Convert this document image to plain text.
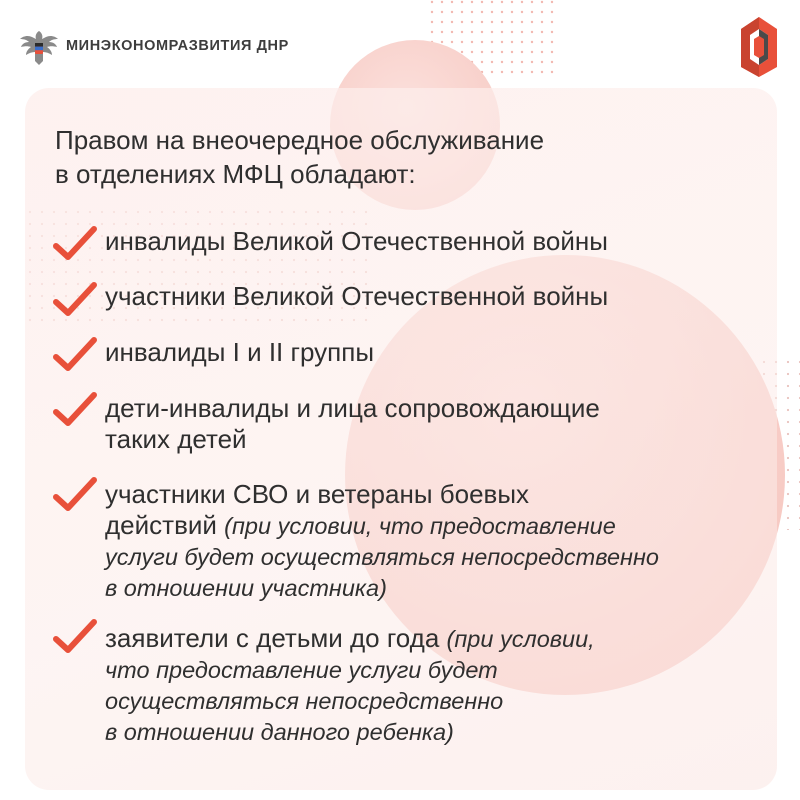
МИНЭКОНОМРАЗВИТИЯ ДНР
Правом на внеочередное обслуживание
в отделениях МФЦ обладают:
инвалиды Великой Отечественной войны
участники Великой Отечественной войны
инвалиды I и II группы
дети-инвалиды и лица сопровождающие
таких детей
участники СВО и ветераны боевых
действий (при условии, что предоставление
услуги будет осуществляться непосредственно
в отношении участника)
заявители с детьми до года (при условии,
что предоставление услуги будет
осуществляться непосредственно
в отношении данного ребенка)
